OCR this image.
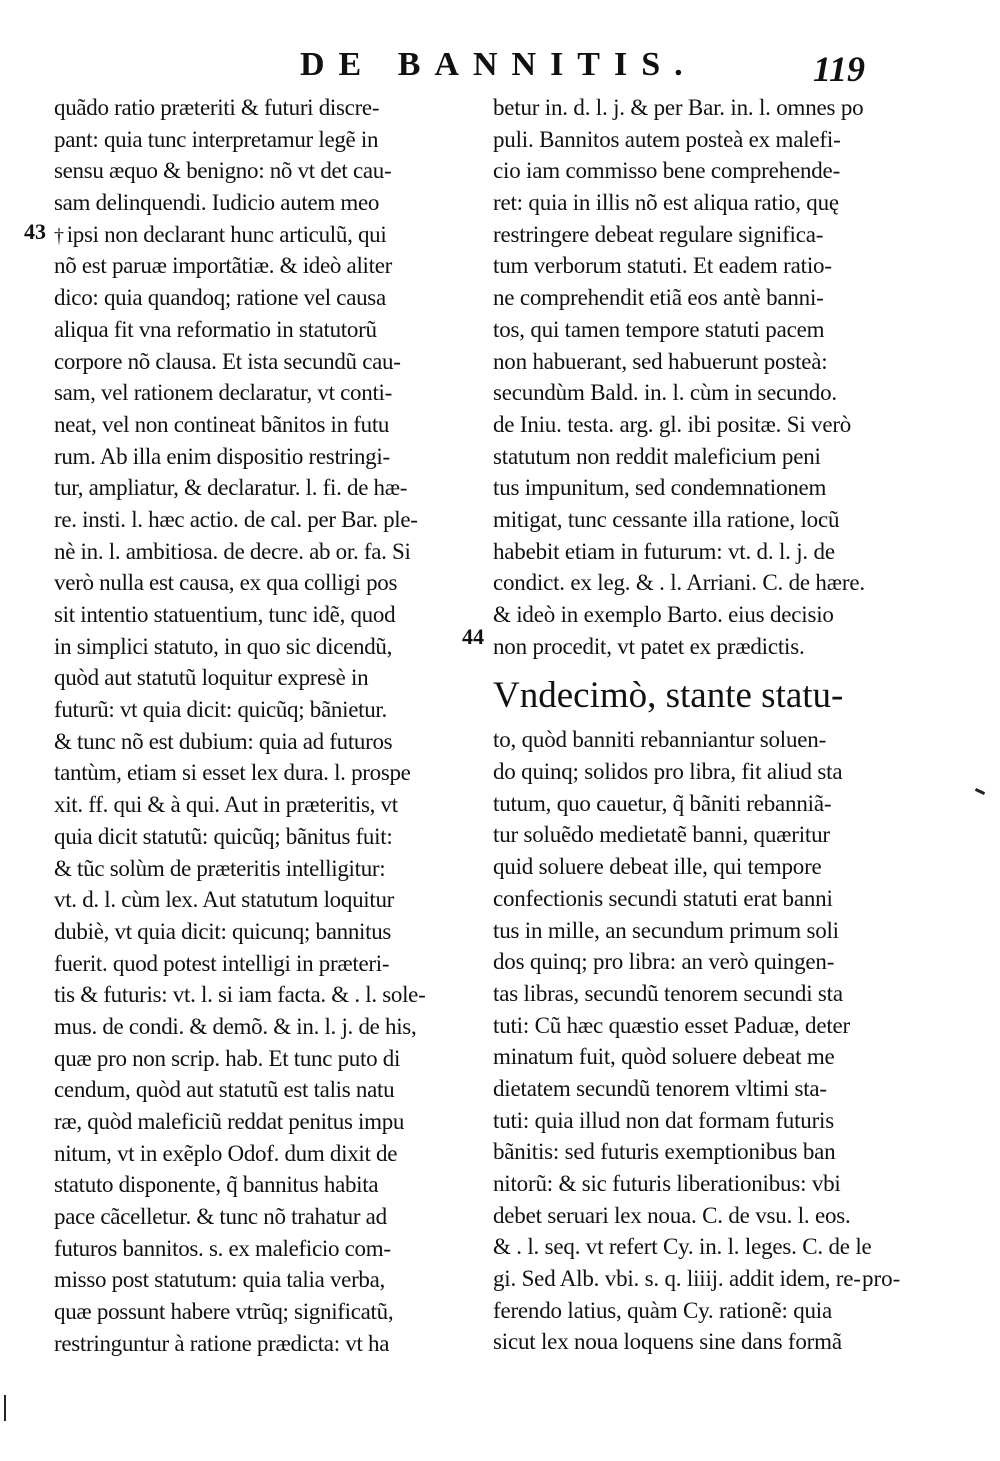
DE BANNITIS.	119
43
44
quãdo ratio præteriti & futuri discre-
pant: quia tunc interpretamur legẽ in
sensu æquo & benigno: nõ vt det cau-
sam delinquendi. Iudicio autem meo
† ipsi non declarant hunc articulũ, qui
nõ est paruæ importãtiæ. & ideò aliter
dico: quia quandoq; ratione vel causa
aliqua fit vna reformatio in statutorũ
corpore nõ clausa. Et ista secundũ cau-
sam, vel rationem declaratur, vt conti-
neat, vel non contineat bãnitos in futu
rum. Ab illa enim dispositio restringi-
tur, ampliatur, & declaratur. l. fi. de hæ-
re. insti. l. hæc actio. de cal. per Bar. ple-
nè in. l. ambitiosa. de decre. ab or. fa. Si
verò nulla est causa, ex qua colligi pos
sit intentio statuentium, tunc idẽ, quod
in simplici statuto, in quo sic dicendũ,
quòd aut statutũ loquitur expresè in
futurũ: vt quia dicit: quicũq; bãnietur.
& tunc nõ est dubium: quia ad futuros
tantùm, etiam si esset lex dura. l. prospe
xit. ff. qui & à qui. Aut in præteritis, vt
quia dicit statutũ: quicũq; bãnitus fuit:
& tũc solùm de præteritis intelligitur:
vt. d. l. cùm lex. Aut statutum loquitur
dubiè, vt quia dicit: quicunq; bannitus
fuerit. quod potest intelligi in præteri-
tis & futuris: vt. l. si iam facta. & . l. sole-
mus. de condi. & demõ. & in. l. j. de his,
quæ pro non scrip. hab. Et tunc puto di
cendum, quòd aut statutũ est talis natu
ræ, quòd maleficiũ reddat penitus impu
nitum, vt in exẽplo Odof. dum dixit de
statuto disponente, q̃ bannitus habita
pace cãcelletur. & tunc nõ trahatur ad
futuros bannitos. s. ex maleficio com-
misso post statutum: quia talia verba,
quæ possunt habere vtrũq; significatũ,
restringuntur à ratione prædicta: vt ha
betur in. d. l. j. & per Bar. in. l. omnes po
puli. Bannitos autem posteà ex malefi-
cio iam commisso bene comprehende-
ret: quia in illis nõ est aliqua ratio, quę
restringere debeat regulare significa-
tum verborum statuti. Et eadem ratio-
ne comprehendit etiã eos antè banni-
tos, qui tamen tempore statuti pacem
non habuerant, sed habuerunt posteà:
secundùm Bald. in. l. cùm in secundo.
de Iniu. testa. arg. gl. ibi positæ. Si verò
statutum non reddit maleficium peni
tus impunitum, sed condemnationem
mitigat, tunc cessante illa ratione, locũ
habebit etiam in futurum: vt. d. l. j. de
condict. ex leg. & . l. Arriani. C. de hære.
& ideò in exemplo Barto. eius decisio
non procedit, vt patet ex prædictis.
Vndecimò, stante statu-
to, quòd banniti rebanniantur soluen-
do quinq; solidos pro libra, fit aliud sta
tutum, quo cauetur, q̃ bãniti rebanniã-
tur soluẽdo medietatẽ banni, quæritur
quid soluere debeat ille, qui tempore
confectionis secundi statuti erat banni
tus in mille, an secundum primum soli
dos quinq; pro libra: an verò quingen-
tas libras, secundũ tenorem secundi sta
tuti: Cũ hæc quæstio esset Paduæ, deter
minatum fuit, quòd soluere debeat me
dietatem secundũ tenorem vltimi sta-
tuti: quia illud non dat formam futuris
bãnitis: sed futuris exemptionibus ban
nitorũ: & sic futuris liberationibus: vbi
debet seruari lex noua. C. de vsu. l. eos.
& . l. seq. vt refert Cy. in. l. leges. C. de le
gi. Sed Alb. vbi. s. q. liiij. addit idem, re-
ferendo latius, quàm Cy. rationẽ: quia
sicut lex noua loquens sine dans formã
pro-
